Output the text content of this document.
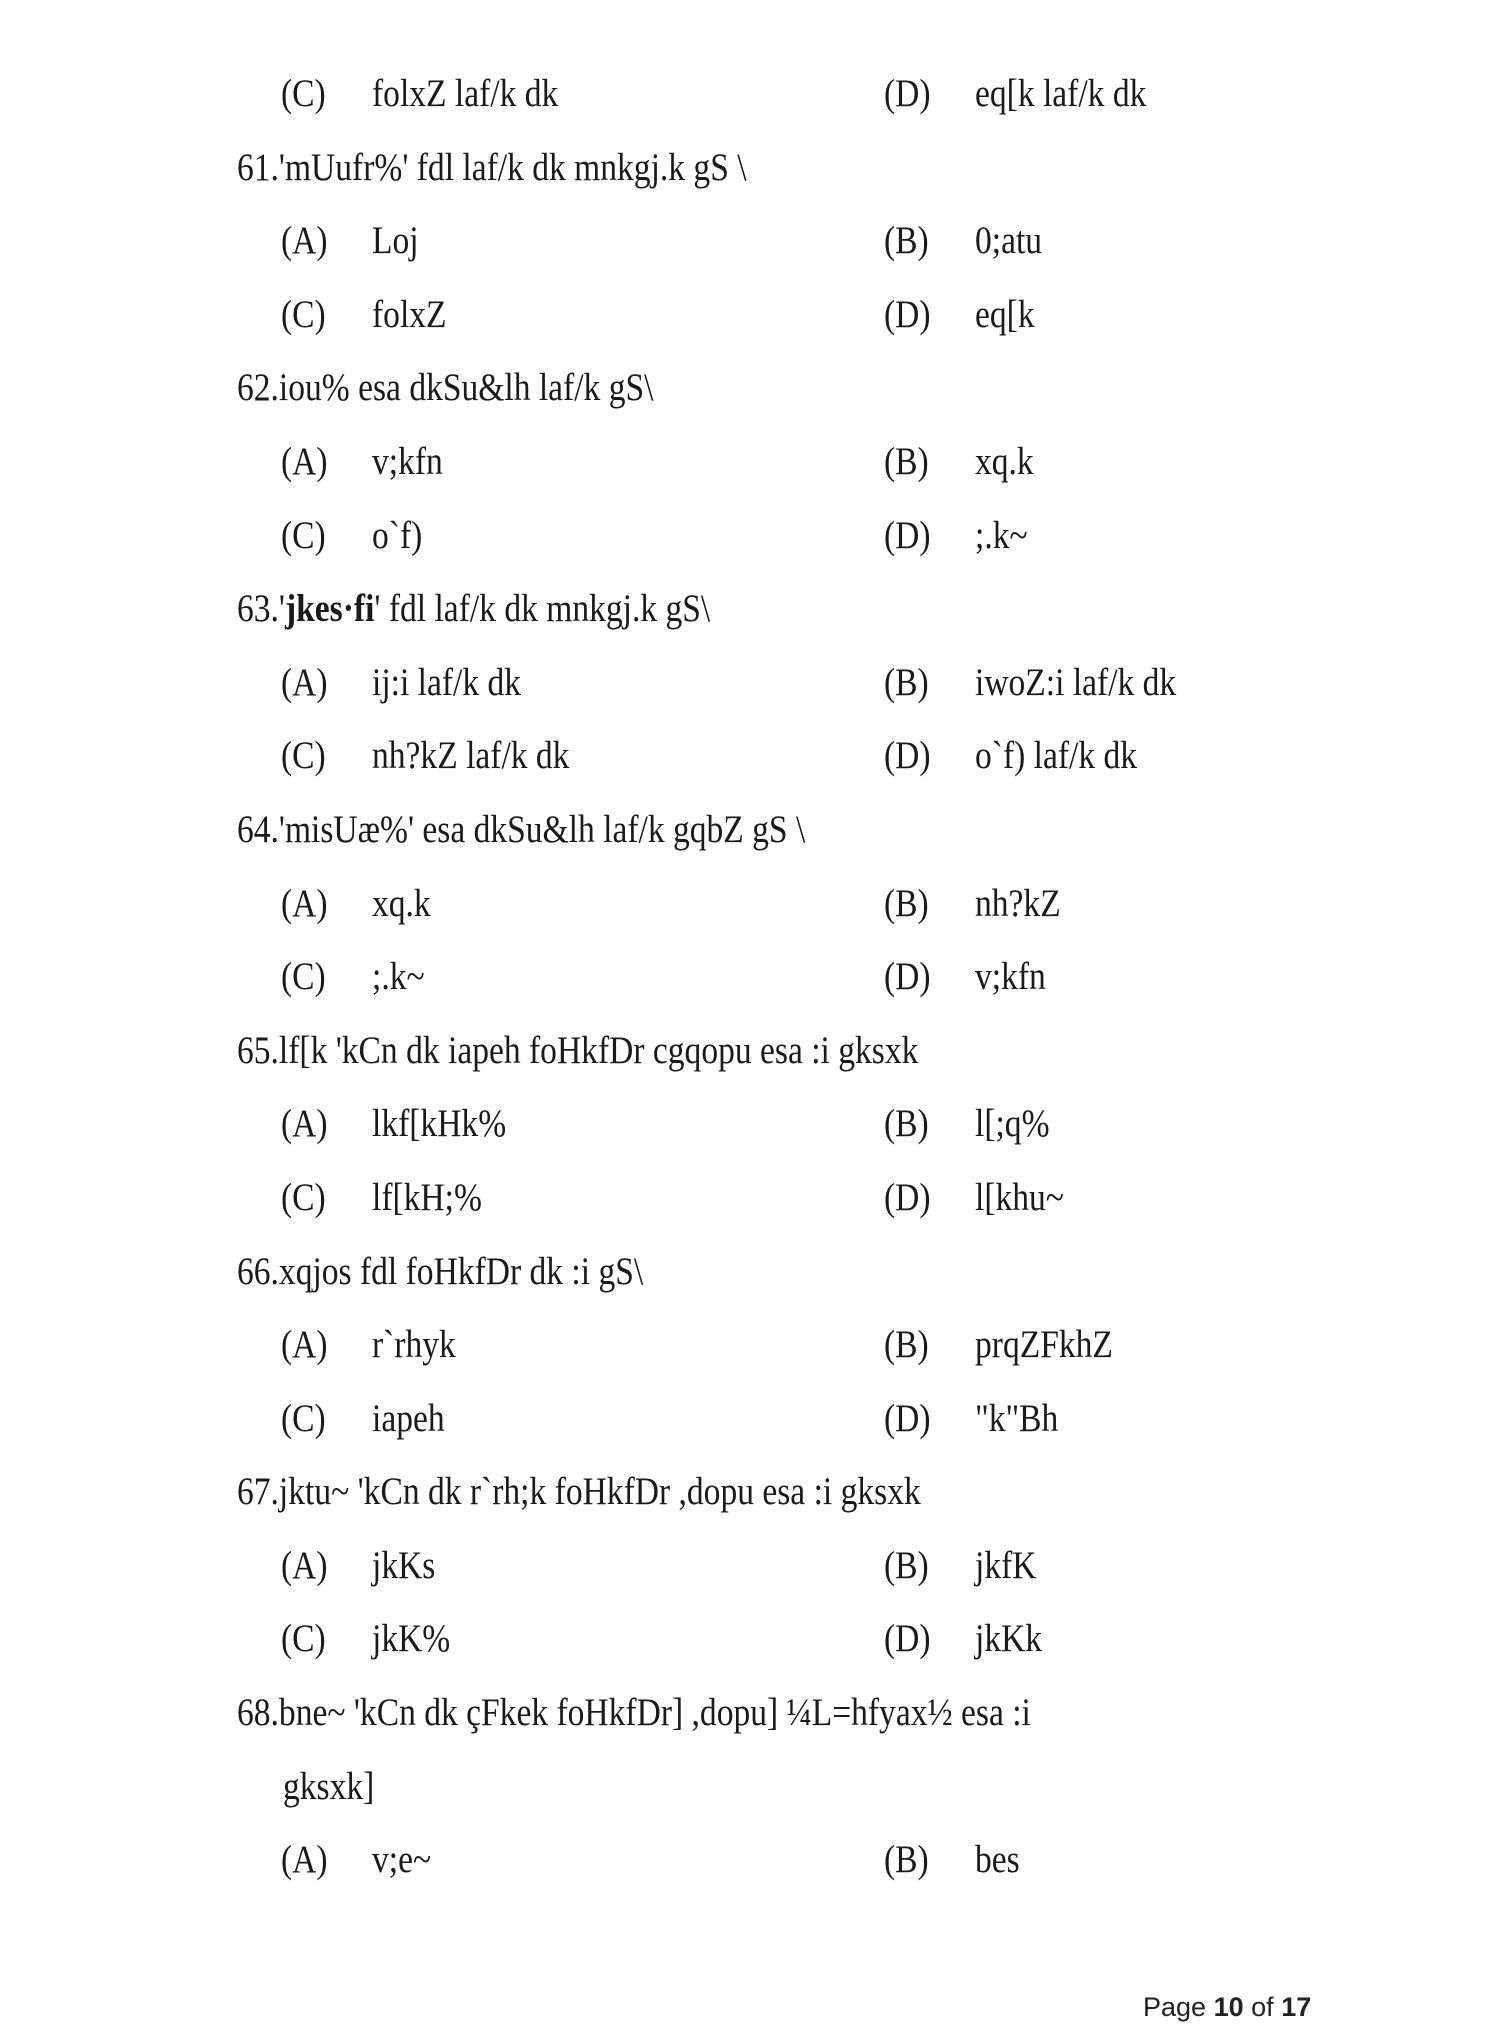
(C) folxZ laf/k dk	(D) eq[k laf/k dk
61.'mUufr%' fdl laf/k dk mnkgj.k gS \
(A) Loj	(B) 0;atu
(C) folxZ	(D) eq[k
62.iou% esa dkSu&lh laf/k gS\
(A) v;kfn	(B) xq.k
(C) o`f)	(D) ;.k~
63.'jkes·fi' fdl laf/k dk mnkgj.k gS\
(A) ij:i laf/k dk	(B) iwoZ:i laf/k dk
(C) nh?kZ laf/k dk	(D) o`f) laf/k dk
64.'misUæ%' esa dkSu&lh laf/k gqbZ gS \
(A) xq.k	(B) nh?kZ
(C) ;.k~	(D) v;kfn
65.lf[k 'kCn dk iapeh foHkfDr cgqopu esa :i gksxk
(A) lkf[kHk%	(B) l[;q%
(C) lf[kH;%	(D) l[khu~
66.xqjos fdl foHkfDr dk :i gS\
(A) r`rhyk	(B) prqZFkhZ
(C) iapeh	(D) "k"Bh
67.jktu~ 'kCn dk r`rh;k foHkfDr ,dopu esa :i gksxk
(A) jkKs	(B) jkfK
(C) jkK%	(D) jkKk
68.bne~ 'kCn dk çFkek foHkfDr] ,dopu] ¼L=hfyax½ esa :i
gksxk]
(A) v;e~	(B) bes
Page 10 of 17
